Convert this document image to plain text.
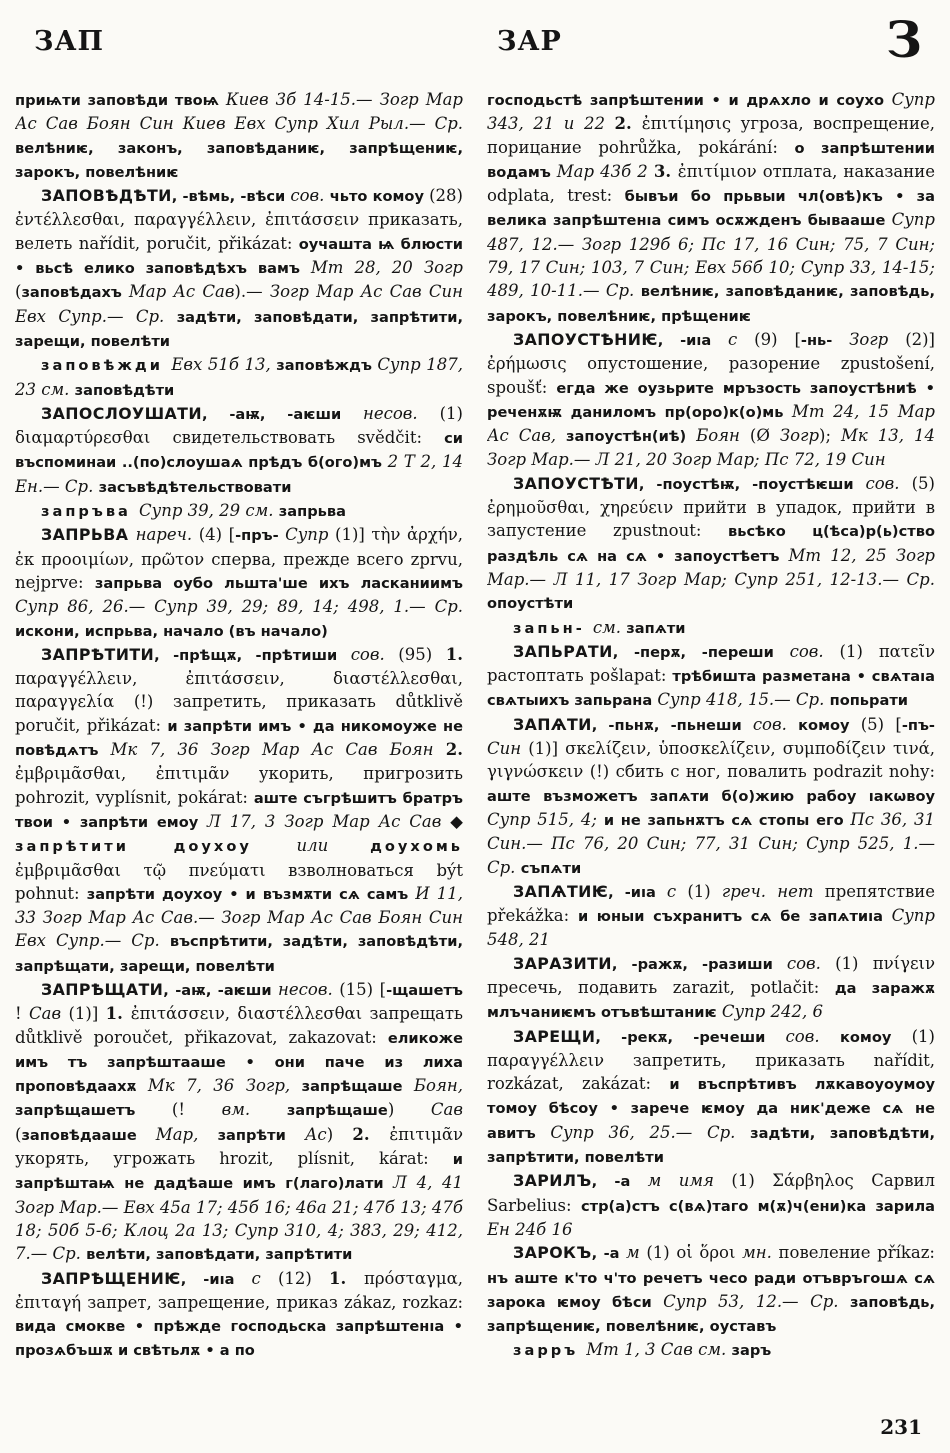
ЗАП	ЗАР	З

приѩти заповѣди твоѩ Киев 3б 14-15.— Зогр Мар Ас Сав Боян Син Киев Евх Супр Хил Рыл.— Ср. велѣниѥ, законъ, заповѣданиѥ, запрѣщениѥ, зарокъ, повелѣниѥ

ЗАПОВѢДѢТИ, -вѣмь, -вѣси сов. чьто комоу (28) ἐντέλλεσθαι, παραγγέλλειν, ἐπιτάσσειν приказать, велеть nařídit, poručit, přikázat: оучашта ѩ блюсти • вьсѣ елико заповѣдѣхъ вамъ Мт 28, 20 Зогр (заповѣдахъ Мар Ас Сав).— Зогр Мар Ас Сав Син Евх Супр.— Ср. задѣти, заповѣдати, запрѣтити, зарещи, повелѣти

заповѣжди Евх 51б 13, заповѣждъ Супр 187, 23 см. заповѣдѣти

ЗАПОСЛОУШАТИ, -аѭ, -аѥши несов. (1) διαμαρτύρεσθαι свидетельствовать svědčit: си въспоминаи ..(по)слоушаѧ прѣдъ б(ого)мъ 2 Т 2, 14 Ен.— Ср. засъвѣдѣтельствовати

запръва Супр 39, 29 см. запрьва

ЗАПРЬВА нареч. (4) [-пръ- Супр (1)] τὴν ἀρχήν, ἐκ προοιμίων, πρῶτον сперва, прежде всего zprvu, nejprve: запрьва оубо льшта'ше ихъ ласканиимъ Супр 86, 26.— Супр 39, 29; 89, 14; 498, 1.— Ср. искони, испрьва, начало (въ начало)

ЗАПРѢТИТИ, -прѣщѫ, -прѣтиши сов. (95) 1. παραγγέλλειν, ἐπιτάσσειν, διαστέλλεσθαι, παραγγελία (!) запретить, приказать důtklivě poručit, přikázat: и запрѣти имъ • да никомоуже не повѣдѧтъ Мк 7, 36 Зогр Мар Ас Сав Боян 2. ἐμβριμᾶσθαι, ἐπιτιμᾶν укорить, пригрозить pohrozit, vyplísnit, pokárat: аште съгрѣшитъ братръ твои • запрѣти емоу Л 17, 3 Зогр Мар Ас Сав ◆ запрѣтити доухоу или доухомь ἐμβριμᾶσθαι τῷ πνεύματι взволноваться být pohnut: запрѣти доухоу • и възмѫти сѧ самъ И 11, 33 Зогр Мар Ас Сав.— Зогр Мар Ас Сав Боян Син Евх Супр.— Ср. въспрѣтити, задѣти, заповѣдѣти, запрѣщати, зарещи, повелѣти

ЗАПРѢЩАТИ, -аѭ, -аѥши несов. (15) [-щашетъ ! Сав (1)] 1. ἐπιτάσσειν, διαστέλλεσθαι запрещать důtklivě poroučet, přikazovat, zakazovat: еликоже имъ тъ запрѣштааше • они паче из лиха проповѣдаахѫ Мк 7, 36 Зогр, запрѣщаше Боян, запрѣщашетъ (! вм. запрѣщаше) Сав (заповѣдааше Мар, запрѣти Ас) 2. ἐπιτιμᾶν укорять, угрожать hrozit, plísnit, kárat: и запрѣштаѩ не дадѣаше имъ г(лаго)лати Л 4, 41 Зогр Мар.— Евх 45а 17; 45б 16; 46а 21; 47б 13; 47б 18; 50б 5-6; Клоц 2а 13; Супр 310, 4; 383, 29; 412, 7.— Ср. велѣти, заповѣдати, запрѣтити

ЗАПРѢЩЕНИѤ, -иıа с (12) 1. πρόσταγμα, ἐπιταγή запрет, запрещение, приказ zákaz, rozkaz: вида смокве • прѣжде господьска запрѣштенıа • прозѧбъшѫ и свѣтьлѫ • а по

господьстѣ запрѣштении • и дрѧхло и соухо Супр 343, 21 и 22 2. ἐπιτίμησις угроза, воспрещение, порицание pohrůžka, pokárání: о запрѣштении водамъ Мар 43б 2 3. ἐπιτίμιον отплата, наказание odplata, trest: бывъи бо прьвыи чл(овѣ)къ • за велика запрѣштенıа симъ осѫжденъ бывааше Супр 487, 12.— Зогр 129б 6; Пс 17, 16 Син; 75, 7 Син; 79, 17 Син; 103, 7 Син; Евх 56б 10; Супр 33, 14-15; 489, 10-11.— Ср. велѣниѥ, заповѣданиѥ, заповѣдь, зарокъ, повелѣниѥ, прѣщениѥ

ЗАПОУСТѢНИѤ, -иıа с (9) [-нь- Зогр (2)] ἐρήμωσις опустошение, разорение zpustošení, spoušť: егда же оузьрите мръзость запоустѣниѣ • реченѫѭ даниломъ пр(оро)к(о)мь Мт 24, 15 Мар Ас Сав, запоустѣн(иѣ) Боян (Ø Зогр); Мк 13, 14 Зогр Мар.— Л 21, 20 Зогр Мар; Пс 72, 19 Син

ЗАПОУСТѢТИ, -поустѣѭ, -поустѣѥши сов. (5) ἐρημοῦσθαι, χηρεύειν прийти в упадок, прийти в запустение zpustnout: вьсѣко ц(ѣса)р(ь)ство раздѣль сѧ на сѧ • запоустѣетъ Мт 12, 25 Зогр Мар.— Л 11, 17 Зогр Мар; Супр 251, 12-13.— Ср. опоустѣти

запьн- см. запѧти

ЗАПЬРАТИ, -перѫ, -переши сов. (1) πατεῖν растоптать pošlapat: трѣбишта разметана • свѧтаıа свѧтыихъ запьрана Супр 418, 15.— Ср. попьрати

ЗАПѦТИ, -пьнѫ, -пьнеши сов. комоу (5) [-пъ- Син (1)] σκελίζειν, ὑποσκελίζειν, συμποδίζειν τινά, γιγνώσκειν (!) сбить с ног, повалить podrazit nohy: аште възможетъ запѧти б(о)жию рабоу ıакѡвоу Супр 515, 4; и не запьнѫтъ сѧ стопы его Пс 36, 31 Син.— Пс 76, 20 Син; 77, 31 Син; Супр 525, 1.— Ср. съпѧти

ЗАПѦТИѤ, -иıа с (1) греч. нет препятствие překážka: и юныи съхранитъ сѧ бе запѧтиıа Супр 548, 21

ЗАРАЗИТИ, -ражѫ, -разиши сов. (1) πνίγειν пресечь, подавить zarazit, potlačit: да заражѫ млъчаниѥмъ отъвѣштаниѥ Супр 242, 6

ЗАРЕЩИ, -рекѫ, -речеши сов. комоу (1) παραγγέλλειν запретить, приказать nařídit, rozkázat, zakázat: и въспрѣтивъ лѫкавоуоумоу томоу бѣсоу • зарече ѥмоу да ник'деже сѧ не авитъ Супр 36, 25.— Ср. задѣти, заповѣдѣти, запрѣтити, повелѣти

ЗАРИЛЪ, -а м имя (1) Σάρβηλος Сарвил Sarbelius: стр(а)стъ с(вѧ)таго м(ѫ)ч(ени)ка зарила Ен 24б 16

ЗАРОКЪ, -а м (1) οἱ ὅροι мн. повеление příkaz: нъ аште к'то ч'то речетъ чесо ради отъвръгошѧ сѧ зарока ѥмоу бѣси Супр 53, 12.— Ср. заповѣдь, запрѣщениѥ, повелѣниѥ, оуставъ

зарръ Мт 1, 3 Сав см. заръ

231
